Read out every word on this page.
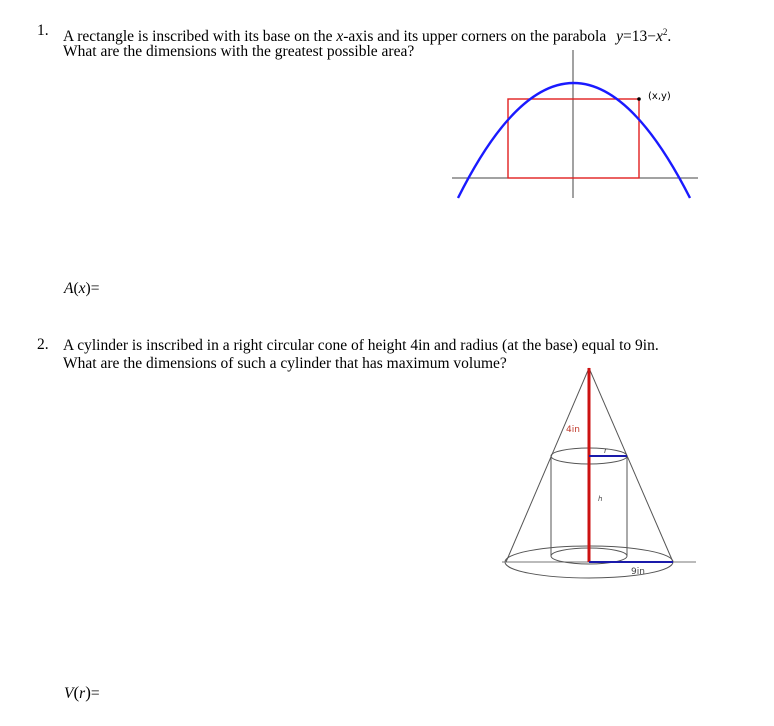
1. A rectangle is inscribed with its base on the x-axis and its upper corners on the parabola $y=13-x^2$.
What are the dimensions with the greatest possible area?
(x,y)
A(x)=
2. A cylinder is inscribed in a right circular cone of height 4in and radius (at the base) equal to 9in.
What are the dimensions of such a cylinder that has maximum volume?
4in
r
h
9in
V(r)=
